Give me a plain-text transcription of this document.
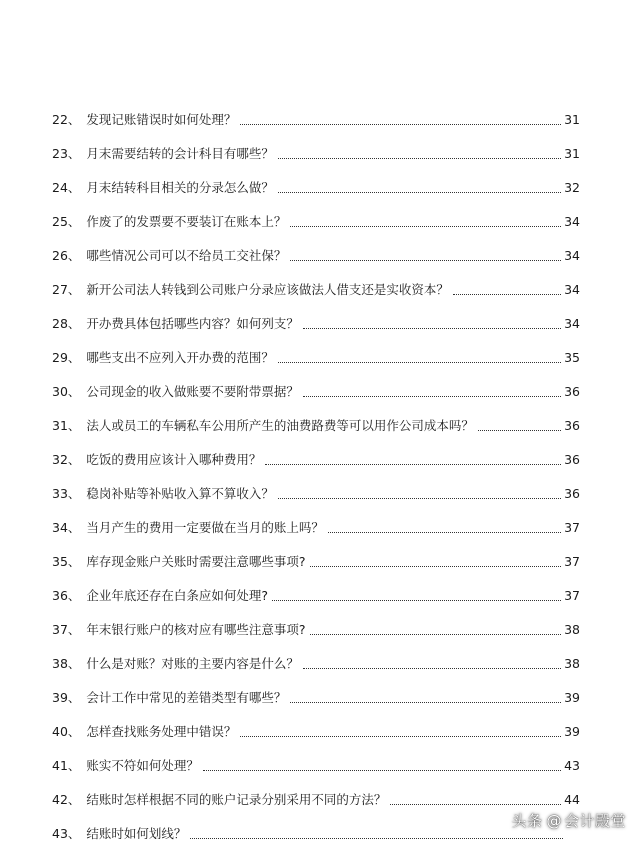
22、 发现记账错误时如何处理？	31
23、 月末需要结转的会计科目有哪些？	31
24、 月末结转科目相关的分录怎么做？	32
25、 作废了的发票要不要装订在账本上？	34
26、 哪些情况公司可以不给员工交社保？	34
27、 新开公司法人转钱到公司账户分录应该做法人借支还是实收资本？	34
28、 开办费具体包括哪些内容？如何列支？	34
29、 哪些支出不应列入开办费的范围？	35
30、 公司现金的收入做账要不要附带票据？	36
31、 法人或员工的车辆私车公用所产生的油费路费等可以用作公司成本吗？	36
32、 吃饭的费用应该计入哪种费用？	36
33、 稳岗补贴等补贴收入算不算收入？	36
34、 当月产生的费用一定要做在当月的账上吗？	37
35、 库存现金账户关账时需要注意哪些事项?	37
36、 企业年底还存在白条应如何处理?	37
37、 年末银行账户的核对应有哪些注意事项?	38
38、 什么是对账？对账的主要内容是什么？	38
39、 会计工作中常见的差错类型有哪些？	39
40、 怎样查找账务处理中错误？	39
41、 账实不符如何处理？	43
42、 结账时怎样根据不同的账户记录分别采用不同的方法？	44
43、 结账时如何划线？
头条 @ 会计殿堂
